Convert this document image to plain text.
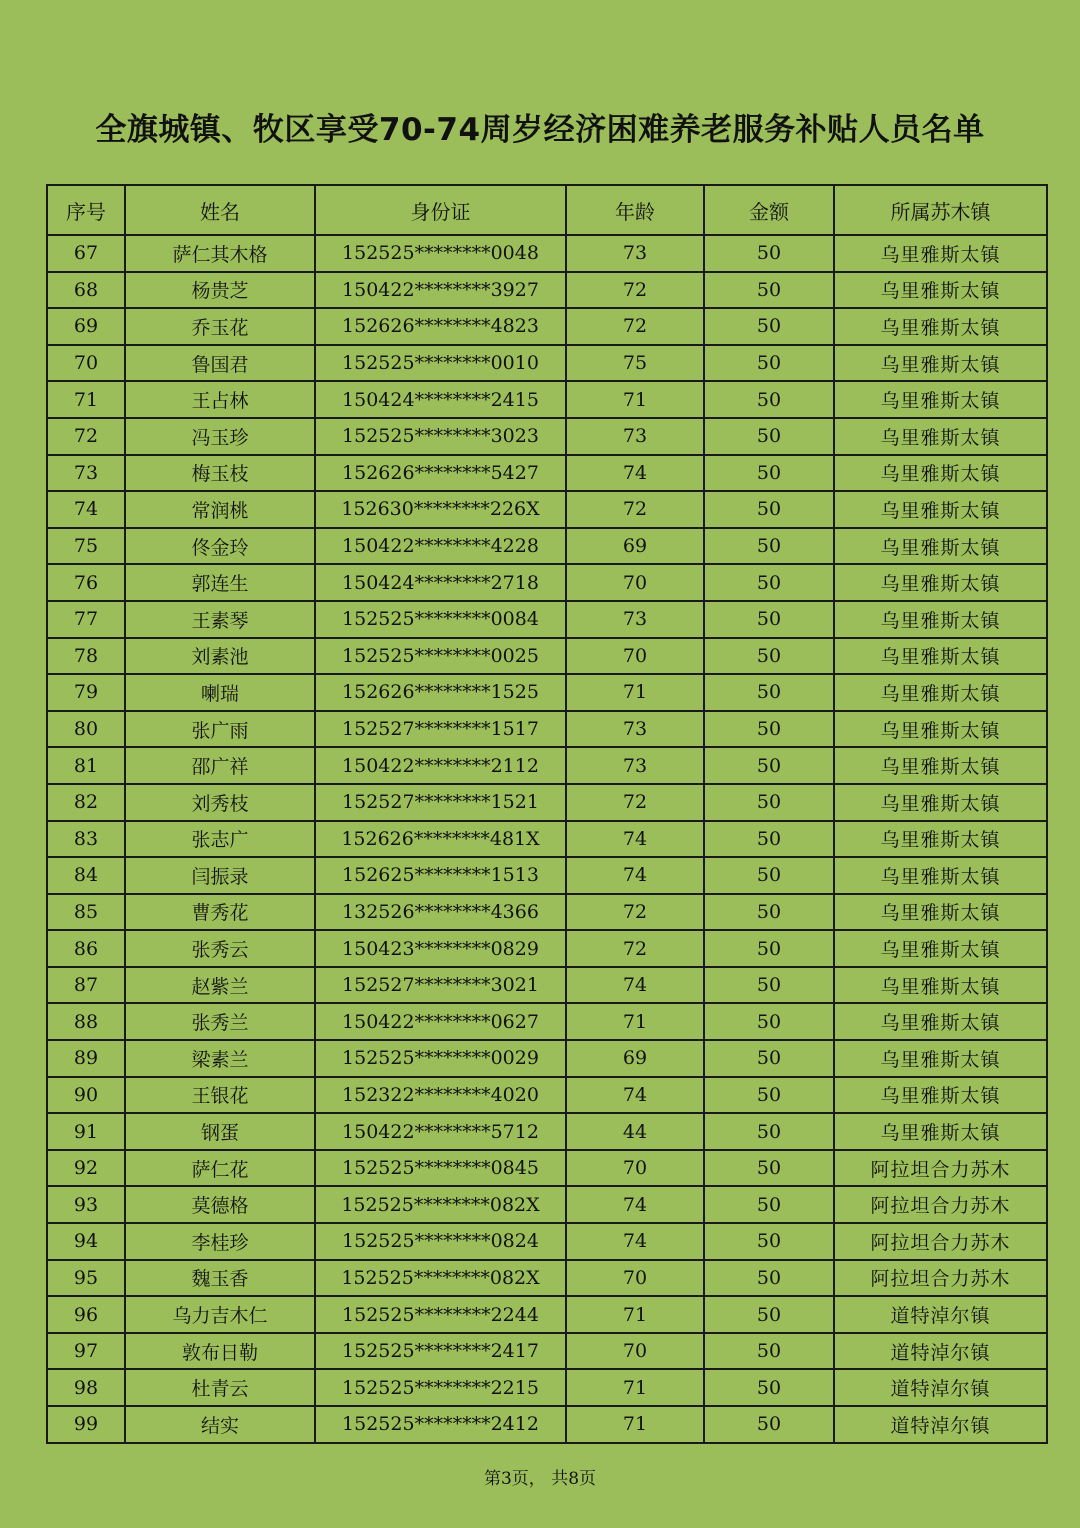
全旗城镇、牧区享受70-74周岁经济困难养老服务补贴人员名单
序号	姓名	身份证	年龄	金额	所属苏木镇
67	萨仁其木格	152525********0048	73	50	乌里雅斯太镇
68	杨贵芝	150422********3927	72	50	乌里雅斯太镇
69	乔玉花	152626********4823	72	50	乌里雅斯太镇
70	鲁国君	152525********0010	75	50	乌里雅斯太镇
71	王占林	150424********2415	71	50	乌里雅斯太镇
72	冯玉珍	152525********3023	73	50	乌里雅斯太镇
73	梅玉枝	152626********5427	74	50	乌里雅斯太镇
74	常润桃	152630********226X	72	50	乌里雅斯太镇
75	佟金玲	150422********4228	69	50	乌里雅斯太镇
76	郭连生	150424********2718	70	50	乌里雅斯太镇
77	王素琴	152525********0084	73	50	乌里雅斯太镇
78	刘素池	152525********0025	70	50	乌里雅斯太镇
79	喇瑞	152626********1525	71	50	乌里雅斯太镇
80	张广雨	152527********1517	73	50	乌里雅斯太镇
81	邵广祥	150422********2112	73	50	乌里雅斯太镇
82	刘秀枝	152527********1521	72	50	乌里雅斯太镇
83	张志广	152626********481X	74	50	乌里雅斯太镇
84	闫振录	152625********1513	74	50	乌里雅斯太镇
85	曹秀花	132526********4366	72	50	乌里雅斯太镇
86	张秀云	150423********0829	72	50	乌里雅斯太镇
87	赵紫兰	152527********3021	74	50	乌里雅斯太镇
88	张秀兰	150422********0627	71	50	乌里雅斯太镇
89	梁素兰	152525********0029	69	50	乌里雅斯太镇
90	王银花	152322********4020	74	50	乌里雅斯太镇
91	钢蛋	150422********5712	44	50	乌里雅斯太镇
92	萨仁花	152525********0845	70	50	阿拉坦合力苏木
93	莫德格	152525********082X	74	50	阿拉坦合力苏木
94	李桂珍	152525********0824	74	50	阿拉坦合力苏木
95	魏玉香	152525********082X	70	50	阿拉坦合力苏木
96	乌力吉木仁	152525********2244	71	50	道特淖尔镇
97	敦布日勒	152525********2417	70	50	道特淖尔镇
98	杜青云	152525********2215	71	50	道特淖尔镇
99	结实	152525********2412	71	50	道特淖尔镇
第3页， 共8页
